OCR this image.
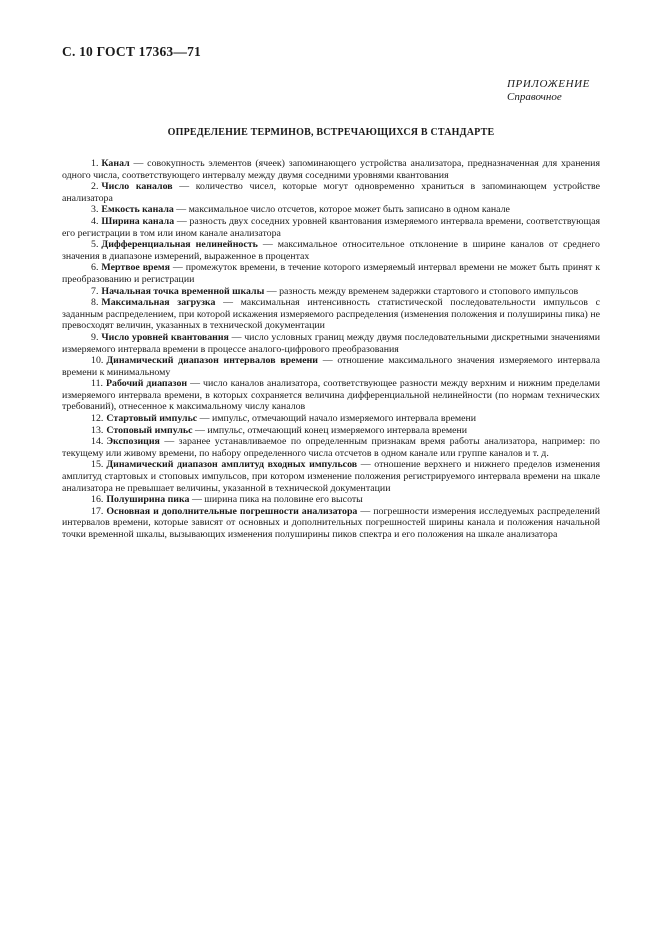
С. 10 ГОСТ 17363—71
ПРИЛОЖЕНИЕ
Справочное
ОПРЕДЕЛЕНИЕ ТЕРМИНОВ, ВСТРЕЧАЮЩИХСЯ В СТАНДАРТЕ

1. Канал — совокупность элементов (ячеек) запоминающего устройства анализатора, предназначенная для хранения одного числа, соответствующего интервалу между двумя соседними уровнями квантования

2. Число каналов — количество чисел, которые могут одновременно храниться в запоминающем устройстве анализатора

3. Емкость канала — максимальное число отсчетов, которое может быть записано в одном канале

4. Ширина канала — разность двух соседних уровней квантования измеряемого интервала времени, соответствующая его регистрации в том или ином канале анализатора

5. Дифференциальная нелинейность — максимальное относительное отклонение в ширине каналов от среднего значения в диапазоне измерений, выраженное в процентах

6. Мертвое время — промежуток времени, в течение которого измеряемый интервал времени не может быть принят к преобразованию и регистрации

7. Начальная точка временной шкалы — разность между временем задержки стартового и стопового импульсов

8. Максимальная загрузка — максимальная интенсивность статистической последовательности импульсов с заданным распределением, при которой искажения измеряемого распределения (изменения положения и полуширины пика) не превосходят величин, указанных в технической документации

9. Число уровней квантования — число условных границ между двумя последовательными дискретными значениями измеряемого интервала времени в процессе аналого-цифрового преобразования

10. Динамический диапазон интервалов времени — отношение максимального значения измеряемого интервала времени к минимальному

11. Рабочий диапазон — число каналов анализатора, соответствующее разности между верхним и нижним пределами измеряемого интервала времени, в которых сохраняется величина дифференциальной нелинейности (по нормам технических требований), отнесенное к максимальному числу каналов

12. Стартовый импульс — импульс, отмечающий начало измеряемого интервала времени

13. Стоповый импульс — импульс, отмечающий конец измеряемого интервала времени

14. Экспозиция — заранее устанавливаемое по определенным признакам время работы анализатора, например: по текущему или живому времени, по набору определенного числа отсчетов в одном канале или группе каналов и т. д.

15. Динамический диапазон амплитуд входных импульсов — отношение верхнего и нижнего пределов изменения амплитуд стартовых и стоповых импульсов, при котором изменение положения регистрируемого интервала времени на шкале анализатора не превышает величины, указанной в технической документации

16. Полуширина пика — ширина пика на половине его высоты

17. Основная и дополнительные погрешности анализатора — погрешности измерения исследуемых распределений интервалов времени, которые зависят от основных и дополнительных погрешностей ширины канала и положения начальной точки временной шкалы, вызывающих изменения полуширины пиков спектра и его положения на шкале анализатора
